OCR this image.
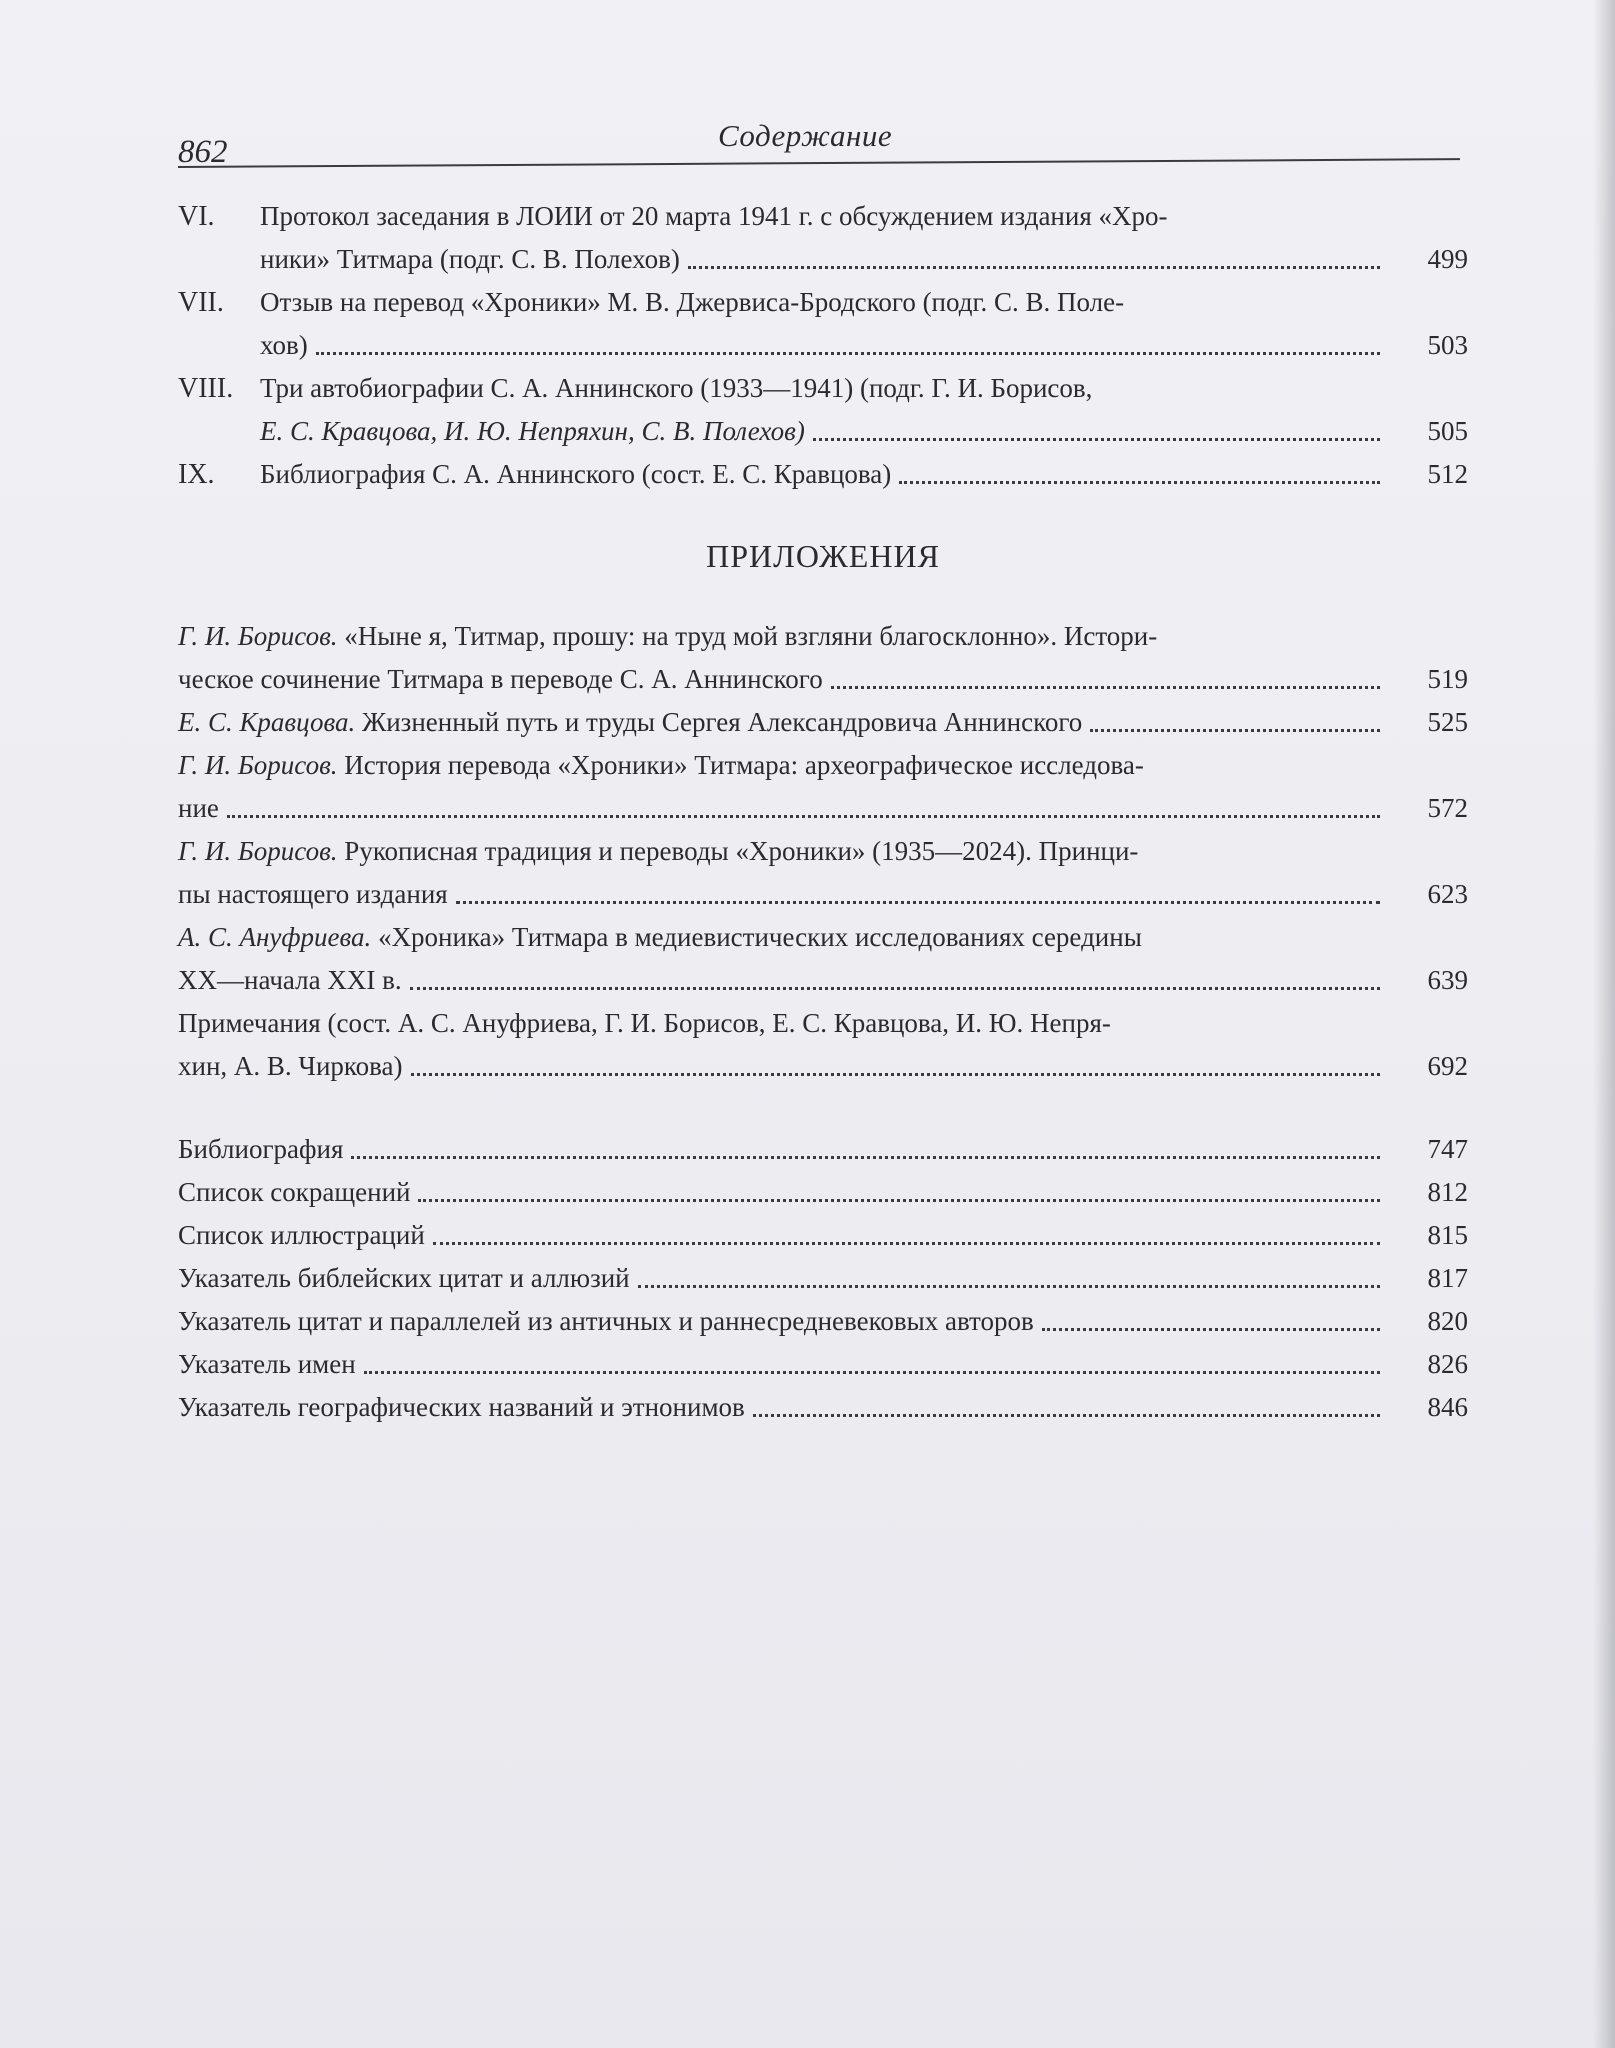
862	Содержание
VI. Протокол заседания в ЛОИИ от 20 марта 1941 г. с обсуждением издания «Хро-
ники» Титмара (подг. С. В. Полехов)	499
VII. Отзыв на перевод «Хроники» М. В. Джервиса-Бродского (подг. С. В. Поле-
хов)	503
VIII. Три автобиографии С. А. Аннинского (1933—1941) (подг. Г. И. Борисов,
Е. С. Кравцова, И. Ю. Непряхин, С. В. Полехов)	505
IX. Библиография С. А. Аннинского (сост. Е. С. Кравцова)	512
ПРИЛОЖЕНИЯ
Г. И. Борисов.
«Ныне я, Титмар, прошу: на труд мой взгляни благосклонно». Истори-
ческое сочинение Титмара в переводе С. А. Аннинского	519
Е. С. Кравцова.
Жизненный путь и труды Сергея Александровича Аннинского	525
Г. И. Борисов.
История перевода «Хроники» Титмара: археографическое исследова-
ние	572
Г. И. Борисов.
Рукописная традиция и переводы «Хроники» (1935—2024). Принци-
пы настоящего издания	623
А. С. Ануфриева.
«Хроника» Титмара в медиевистических исследованиях середины
XX—начала XXI в.	639
Примечания (сост. А. С. Ануфриева, Г. И. Борисов, Е. С. Кравцова, И. Ю. Непря-
хин, А. В. Чиркова)	692
Библиография	747
Список сокращений	812
Список иллюстраций	815
Указатель библейских цитат и аллюзий	817
Указатель цитат и параллелей из античных и раннесредневековых авторов	820
Указатель имен	826
Указатель географических названий и этнонимов	846
